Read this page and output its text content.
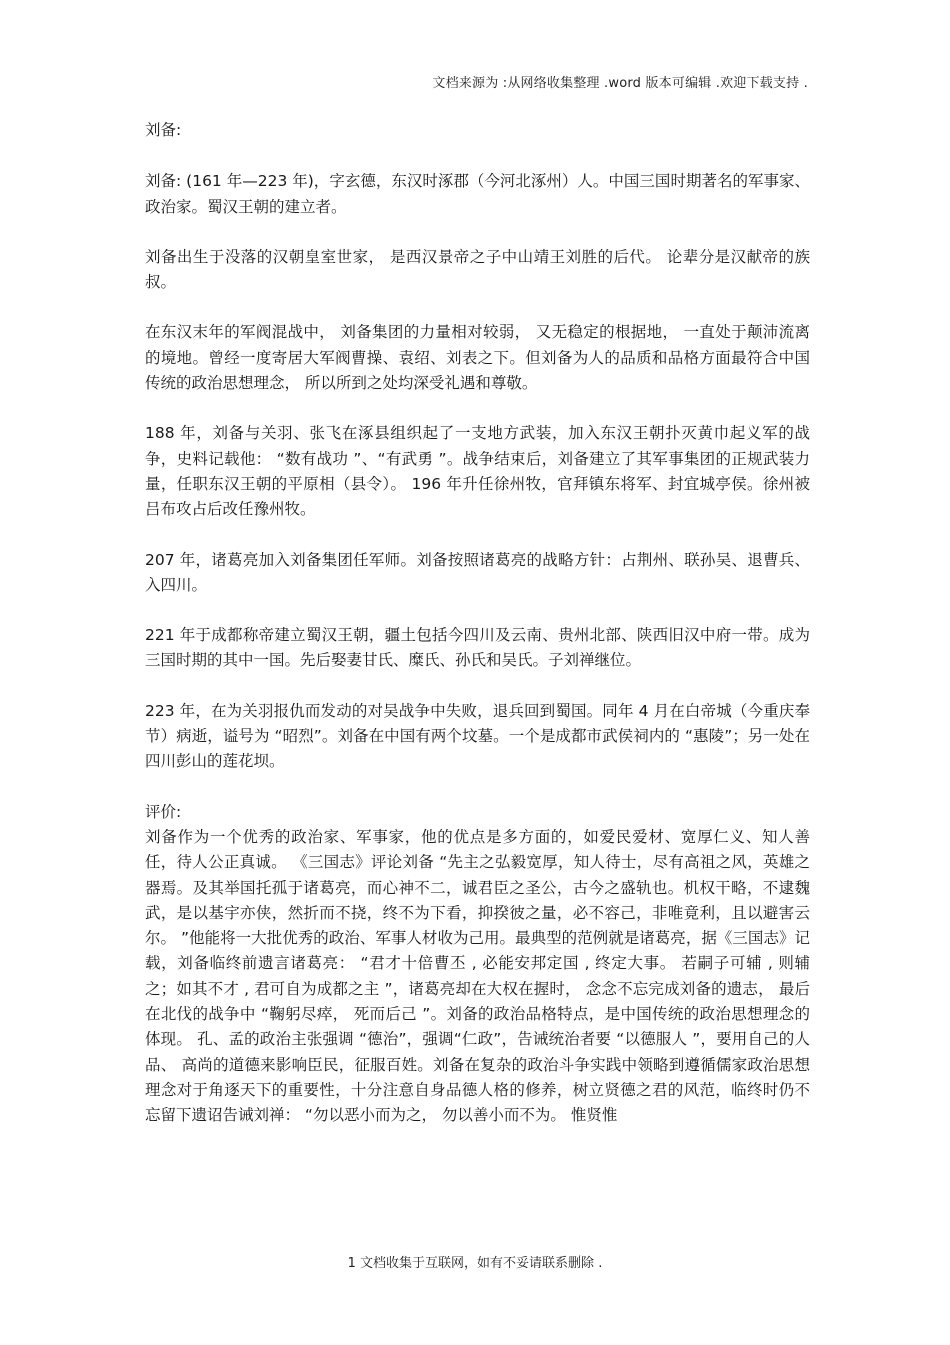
文档来源为 :从网络收集整理 .word 版本可编辑 .欢迎下载支持 .

刘备:

刘备: (161 年—223 年)，字玄德，东汉时涿郡（今河北涿州）人。中国三国时期著名的军事家、政治家。蜀汉王朝的建立者。

刘备出生于没落的汉朝皇室世家， 是西汉景帝之子中山靖王刘胜的后代。 论辈分是汉献帝的族叔。

在东汉末年的军阀混战中， 刘备集团的力量相对较弱， 又无稳定的根据地， 一直处于颠沛流离的境地。曾经一度寄居大军阀曹操、袁绍、刘表之下。但刘备为人的品质和品格方面最符合中国传统的政治思想理念， 所以所到之处均深受礼遇和尊敬。

188 年，刘备与关羽、张飞在涿县组织起了一支地方武装，加入东汉王朝扑灭黄巾起义军的战争，史料记载他： “数有战功 ”、“有武勇 ”。战争结束后，刘备建立了其军事集团的正规武装力量，任职东汉王朝的平原相（县令）。 196 年升任徐州牧，官拜镇东将军、封宜城亭侯。徐州被吕布攻占后改任豫州牧。

207 年，诸葛亮加入刘备集团任军师。刘备按照诸葛亮的战略方针：占荆州、联孙吴、退曹兵、入四川。

221 年于成都称帝建立蜀汉王朝，疆土包括今四川及云南、贵州北部、陕西旧汉中府一带。成为三国时期的其中一国。先后娶妻甘氏、糜氏、孙氏和吴氏。子刘禅继位。

223 年，在为关羽报仇而发动的对吴战争中失败，退兵回到蜀国。同年 4 月在白帝城（今重庆奉节）病逝，谥号为 “昭烈”。刘备在中国有两个坟墓。一个是成都市武侯祠内的 “惠陵”；另一处在四川彭山的莲花坝。

评价:

刘备作为一个优秀的政治家、军事家，他的优点是多方面的，如爱民爱材、宽厚仁义、知人善任，待人公正真诚。 《三国志》评论刘备 “先主之弘毅宽厚，知人待士，尽有高祖之风，英雄之器焉。及其举国托孤于诸葛亮，而心神不二，诚君臣之圣公，古今之盛轨也。机权干略，不逮魏武，是以基宇亦侠，然折而不挠，终不为下看，抑揆彼之量，必不容己，非唯竟利，且以避害云尔。 ”他能将一大批优秀的政治、军事人材收为己用。最典型的范例就是诸葛亮，据《三国志》记载，刘备临终前遗言诸葛亮： “君才十倍曹丕 , 必能安邦定国 , 终定大事。 若嗣子可辅 , 则辅之；如其不才 , 君可自为成都之主 ”，诸葛亮却在大权在握时， 念念不忘完成刘备的遗志， 最后在北伐的战争中 “鞠躬尽瘁， 死而后己 ”。刘备的政治品格特点，是中国传统的政治思想理念的体现。 孔、孟的政治主张强调 “德治”，强调“仁政”，告诫统治者要 “以德服人 ”，要用自己的人品、 高尚的道德来影响臣民，征服百姓。刘备在复杂的政治斗争实践中领略到遵循儒家政治思想理念对于角逐天下的重要性，十分注意自身品德人格的修养，树立贤德之君的风范，临终时仍不忘留下遗诏告诫刘禅： “勿以恶小而为之， 勿以善小而不为。 惟贤惟

1 文档收集于互联网，如有不妥请联系删除 .
